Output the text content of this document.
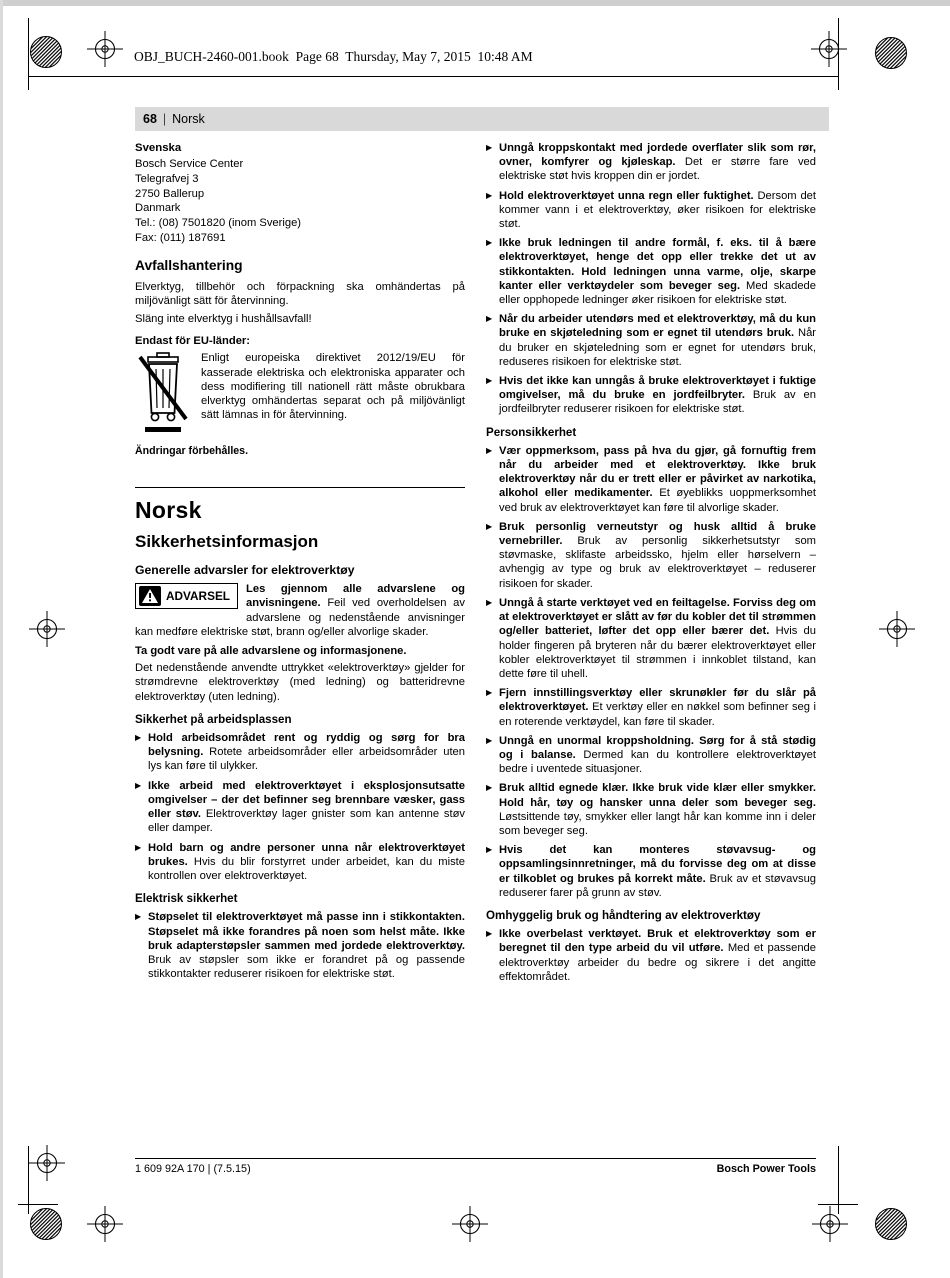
OBJ_BUCH-2460-001.book  Page 68  Thursday, May 7, 2015  10:48 AM
68 | Norsk
Svenska
Bosch Service Center
Telegrafvej 3
2750 Ballerup
Danmark
Tel.: (08) 7501820 (inom Sverige)
Fax: (011) 187691
Avfallshantering

Elverktyg, tillbehör och förpackning ska omhändertas på miljövänligt sätt för återvinning.

Släng inte elverktyg i hushållsavfall!

Endast för EU-länder:

Enligt europeiska direktivet 2012/19/EU för kasserade elektriska och elektroniska apparater och dess modifiering till nationell rätt måste obrukbara elverktyg omhändertas separat och på miljövänligt sätt lämnas in för återvinning.

Ändringar förbehålles.

Norsk
Sikkerhetsinformasjon
Generelle advarsler for elektroverktøy

ADVARSEL Les gjennom alle advarslene og anvisningene. Feil ved overholdelsen av advarslene og nedenstående anvisninger kan medføre elektriske støt, brann og/eller alvorlige skader.

Ta godt vare på alle advarslene og informasjonene.

Det nedenstående anvendte uttrykket «elektroverktøy» gjelder for strømdrevne elektroverktøy (med ledning) og batteridrevne elektroverktøy (uten ledning).

Sikkerhet på arbeidsplassen
▶ Hold arbeidsområdet rent og ryddig og sørg for bra belysning. Rotete arbeidsområder eller arbeidsområder uten lys kan føre til ulykker.

▶ Ikke arbeid med elektroverktøyet i eksplosjonsutsatte omgivelser – der det befinner seg brennbare væsker, gass eller støv. Elektroverktøy lager gnister som kan antenne støv eller damper.

▶ Hold barn og andre personer unna når elektroverktøyet brukes. Hvis du blir forstyrret under arbeidet, kan du miste kontrollen over elektroverktøyet.

Elektrisk sikkerhet
▶ Støpselet til elektroverktøyet må passe inn i stikkontakten. Støpselet må ikke forandres på noen som helst måte. Ikke bruk adapterstøpsler sammen med jordede elektroverktøy. Bruk av støpsler som ikke er forandret på og passende stikkontakter reduserer risikoen for elektriske støt.

▶ Unngå kroppskontakt med jordede overflater slik som rør, ovner, komfyrer og kjøleskap. Det er større fare ved elektriske støt hvis kroppen din er jordet.

▶ Hold elektroverktøyet unna regn eller fuktighet. Dersom det kommer vann i et elektroverktøy, øker risikoen for elektriske støt.

▶ Ikke bruk ledningen til andre formål, f. eks. til å bære elektroverktøyet, henge det opp eller trekke det ut av stikkontakten. Hold ledningen unna varme, olje, skarpe kanter eller verktøydeler som beveger seg. Med skadede eller opphopede ledninger øker risikoen for elektriske støt.

▶ Når du arbeider utendørs med et elektroverktøy, må du kun bruke en skjøteledning som er egnet til utendørs bruk. Når du bruker en skjøteledning som er egnet for utendørs bruk, reduseres risikoen for elektriske støt.

▶ Hvis det ikke kan unngås å bruke elektroverktøyet i fuktige omgivelser, må du bruke en jordfeilbryter. Bruk av en jordfeilbryter reduserer risikoen for elektriske støt.

Personsikkerhet
▶ Vær oppmerksom, pass på hva du gjør, gå fornuftig frem når du arbeider med et elektroverktøy. Ikke bruk elektroverktøy når du er trett eller er påvirket av narkotika, alkohol eller medikamenter. Et øyeblikks uoppmerksomhet ved bruk av elektroverktøyet kan føre til alvorlige skader.

▶ Bruk personlig verneutstyr og husk alltid å bruke vernebriller. Bruk av personlig sikkerhetsutstyr som støvmaske, sklifaste arbeidssko, hjelm eller hørselvern – avhengig av type og bruk av elektroverktøyet – reduserer risikoen for skader.

▶ Unngå å starte verktøyet ved en feiltagelse. Forviss deg om at elektroverktøyet er slått av før du kobler det til strømmen og/eller batteriet, løfter det opp eller bærer det. Hvis du holder fingeren på bryteren når du bærer elektroverktøyet eller kobler elektroverktøyet til strømmen i innkoblet tilstand, kan dette føre til uhell.

▶ Fjern innstillingsverktøy eller skrunøkler før du slår på elektroverktøyet. Et verktøy eller en nøkkel som befinner seg i en roterende verktøydel, kan føre til skader.

▶ Unngå en unormal kroppsholdning. Sørg for å stå stødig og i balanse. Dermed kan du kontrollere elektroverktøyet bedre i uventede situasjoner.

▶ Bruk alltid egnede klær. Ikke bruk vide klær eller smykker. Hold hår, tøy og hansker unna deler som beveger seg. Løstsittende tøy, smykker eller langt hår kan komme inn i deler som beveger seg.

▶ Hvis det kan monteres støvavsug- og oppsamlingsinnretninger, må du forvisse deg om at disse er tilkoblet og brukes på korrekt måte. Bruk av et støvavsug reduserer farer på grunn av støv.

Omhyggelig bruk og håndtering av elektroverktøy
▶ Ikke overbelast verktøyet. Bruk et elektroverktøy som er beregnet til den type arbeid du vil utføre. Med et passende elektroverktøy arbeider du bedre og sikrere i det angitte effektområdet.

1 609 92A 170 | (7.5.15)	Bosch Power Tools
